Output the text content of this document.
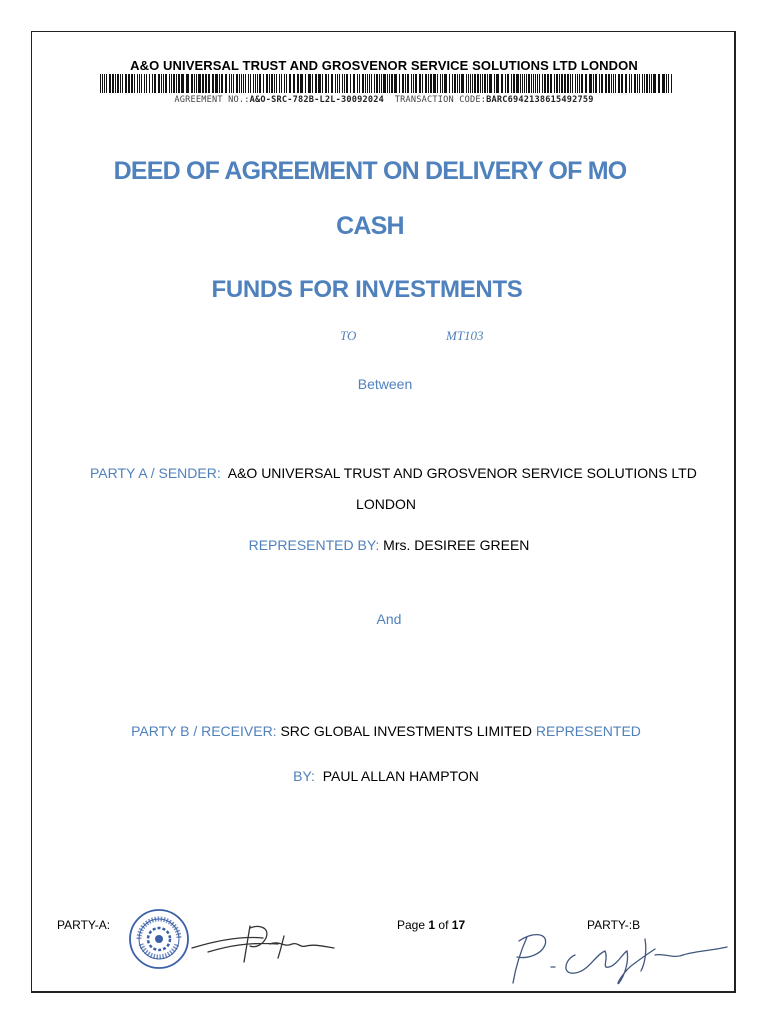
A&O UNIVERSAL TRUST AND GROSVENOR SERVICE SOLUTIONS LTD LONDON
AGREEMENT NO.:A&O-SRC-782B-L2L-30092024 TRANSACTION CODE:BARC6942138615492759
DEED OF AGREEMENT ON DELIVERY OF MO
CASH
FUNDS FOR INVESTMENTS
TO	MT103
Between
PARTY A / SENDER: A&O UNIVERSAL TRUST AND GROSVENOR SERVICE SOLUTIONS LTD
LONDON
REPRESENTED BY: Mrs. DESIREE GREEN
And
PARTY B / RECEIVER: SRC GLOBAL INVESTMENTS LIMITED REPRESENTED
BY: PAUL ALLAN HAMPTON
PARTY-A:	Page 1 of 17	PARTY-:B
